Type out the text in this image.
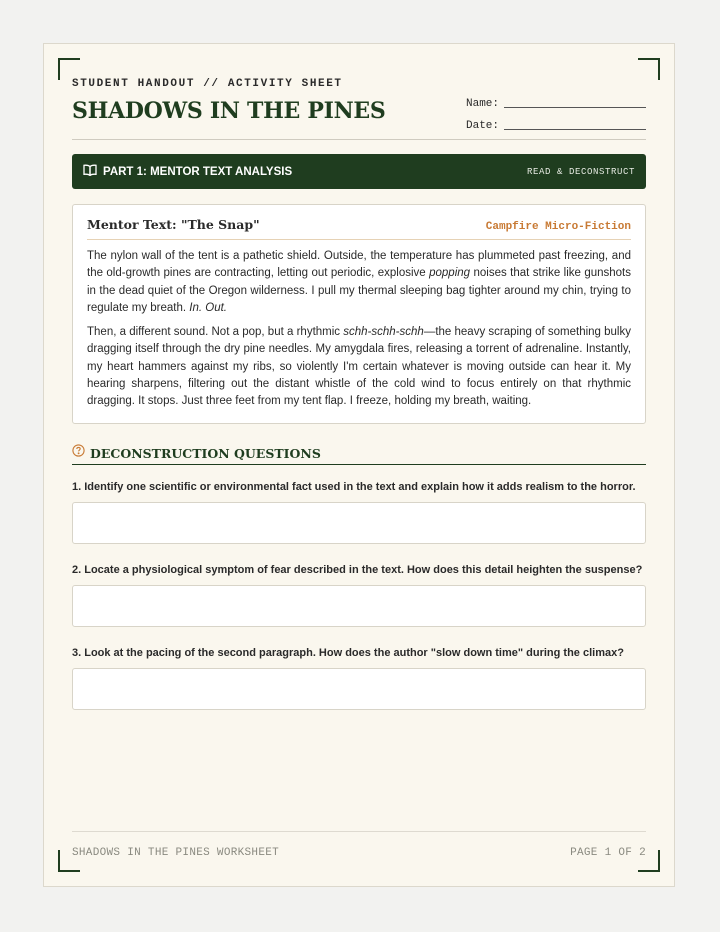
STUDENT HANDOUT // ACTIVITY SHEET
SHADOWS IN THE PINES	Name:
Date:
PART 1: MENTOR TEXT ANALYSIS	READ & DECONSTRUCT
Mentor Text: "The Snap"	Campfire Micro-Fiction

The nylon wall of the tent is a pathetic shield. Outside, the temperature has plummeted past freezing, and the old-growth pines are contracting, letting out periodic, explosive popping noises that strike like gunshots in the dead quiet of the Oregon wilderness. I pull my thermal sleeping bag tighter around my chin, trying to regulate my breath. In. Out.

Then, a different sound. Not a pop, but a rhythmic schh-schh-schh—the heavy scraping of something bulky dragging itself through the dry pine needles. My amygdala fires, releasing a torrent of adrenaline. Instantly, my heart hammers against my ribs, so violently I'm certain whatever is moving outside can hear it. My hearing sharpens, filtering out the distant whistle of the cold wind to focus entirely on that rhythmic dragging. It stops. Just three feet from my tent flap. I freeze, holding my breath, waiting.

DECONSTRUCTION QUESTIONS
1. Identify one scientific or environmental fact used in the text and explain how it adds realism to the horror.
2. Locate a physiological symptom of fear described in the text. How does this detail heighten the suspense?
3. Look at the pacing of the second paragraph. How does the author "slow down time" during the climax?
SHADOWS IN THE PINES WORKSHEET	PAGE 1 OF 2
